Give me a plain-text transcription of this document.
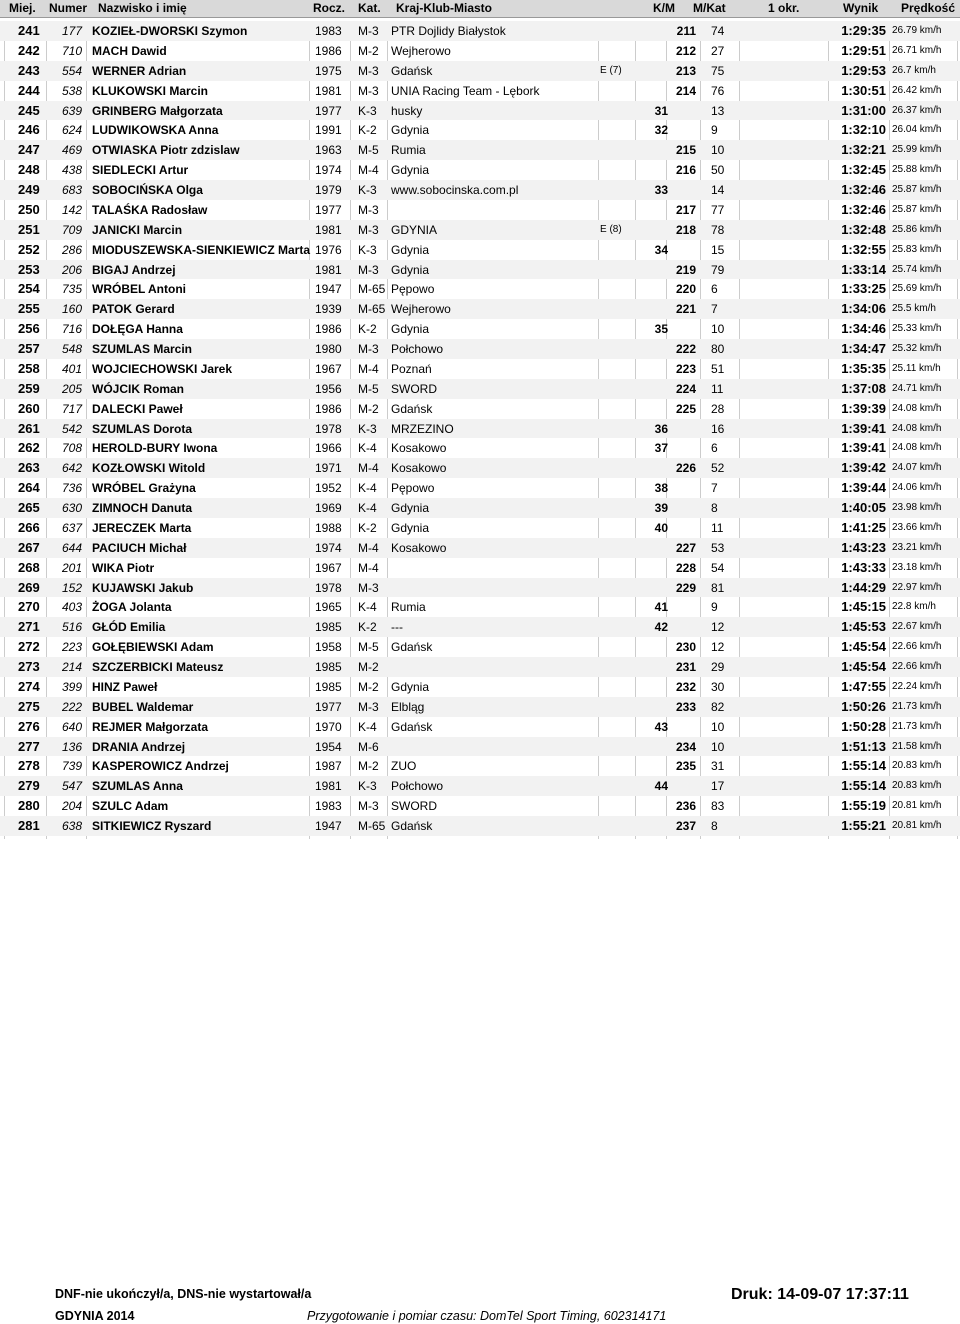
Miej. Numer Nazwisko i imię	Rocz. Kat. Kraj-Klub-Miasto	K/M M/Kat	1 okr.	Wynik Prędkość
241 177 KOZIEŁ-DWORSKI Szymon	1983 M-3 PTR Dojlidy Białystok	211 74	1:29:35 26.79 km/h
242 710 MACH Dawid	1986 M-2 Wejherowo	212 27	1:29:51 26.71 km/h
243 554 WERNER Adrian	1975 M-3 Gdańsk	E (7)	213 75	1:29:53 26.7 km/h
244 538 KLUKOWSKI Marcin	1981 M-3 UNIA Racing Team - Lębork	214 76	1:30:51 26.42 km/h
245 639 GRINBERG Małgorzata	1977 K-3 husky	31	13	1:31:00 26.37 km/h
246 624 LUDWIKOWSKA Anna	1991 K-2 Gdynia	32	9	1:32:10 26.04 km/h
247 469 OTWIASKA Piotr zdzislaw	1963 M-5 Rumia	215 10	1:32:21 25.99 km/h
248 438 SIEDLECKI Artur	1974 M-4 Gdynia	216 50	1:32:45 25.88 km/h
249 683 SOBOCIŃSKA Olga	1979 K-3 www.sobocinska.com.pl	33	14	1:32:46 25.87 km/h
250 142 TALAŚKA Radosław	1977 M-3	217 77	1:32:46 25.87 km/h
251 709 JANICKI Marcin	1981 M-3 GDYNIA	E (8)	218 78	1:32:48 25.86 km/h
252 286 MIODUSZEWSKA-SIENKIEWICZ Marta 1976 K-3 Gdynia	34	15	1:32:55 25.83 km/h
253 206 BIGAJ Andrzej	1981 M-3 Gdynia	219 79	1:33:14 25.74 km/h
254 735 WRÓBEL Antoni	1947 M-65 Pępowo	220 6	1:33:25 25.69 km/h
255 160 PATOK Gerard	1939 M-65 Wejherowo	221 7	1:34:06 25.5 km/h
256 716 DOŁĘGA Hanna	1986 K-2 Gdynia	35	10	1:34:46 25.33 km/h
257 548 SZUMLAS Marcin	1980 M-3 Połchowo	222 80	1:34:47 25.32 km/h
258 401 WOJCIECHOWSKI Jarek	1967 M-4 Poznań	223 51	1:35:35 25.11 km/h
259 205 WÓJCIK Roman	1956 M-5 SWORD	224 11	1:37:08 24.71 km/h
260 717 DALECKI Paweł	1986 M-2 Gdańsk	225 28	1:39:39 24.08 km/h
261 542 SZUMLAS Dorota	1978 K-3 MRZEZINO	36	16	1:39:41 24.08 km/h
262 708 HEROLD-BURY Iwona	1966 K-4 Kosakowo	37	6	1:39:41 24.08 km/h
263 642 KOZŁOWSKI Witold	1971 M-4 Kosakowo	226 52	1:39:42 24.07 km/h
264 736 WRÓBEL Grażyna	1952 K-4 Pępowo	38	7	1:39:44 24.06 km/h
265 630 ZIMNOCH Danuta	1969 K-4 Gdynia	39	8	1:40:05 23.98 km/h
266 637 JERECZEK Marta	1988 K-2 Gdynia	40	11	1:41:25 23.66 km/h
267 644 PACIUCH Michał	1974 M-4 Kosakowo	227 53	1:43:23 23.21 km/h
268 201 WIKA Piotr	1967 M-4	228 54	1:43:33 23.18 km/h
269 152 KUJAWSKI Jakub	1978 M-3	229 81	1:44:29 22.97 km/h
270 403 ŻOGA Jolanta	1965 K-4 Rumia	41	9	1:45:15 22.8 km/h
271 516 GŁÓD Emilia	1985 K-2 ---	42	12	1:45:53 22.67 km/h
272 223 GOŁĘBIEWSKI Adam	1958 M-5 Gdańsk	230 12	1:45:54 22.66 km/h
273 214 SZCZERBICKI Mateusz	1985 M-2	231 29	1:45:54 22.66 km/h
274 399 HINZ Paweł	1985 M-2 Gdynia	232 30	1:47:55 22.24 km/h
275 222 BUBEL Waldemar	1977 M-3 Elbląg	233 82	1:50:26 21.73 km/h
276 640 REJMER Małgorzata	1970 K-4 Gdańsk	43	10	1:50:28 21.73 km/h
277 136 DRANIA Andrzej	1954 M-6	234 10	1:51:13 21.58 km/h
278 739 KASPEROWICZ Andrzej	1987 M-2 ZUO	235 31	1:55:14 20.83 km/h
279 547 SZUMLAS Anna	1981 K-3 Połchowo	44	17	1:55:14 20.83 km/h
280 204 SZULC Adam	1983 M-3 SWORD	236 83	1:55:19 20.81 km/h
281 638 SITKIEWICZ Ryszard	1947 M-65 Gdańsk	237 8	1:55:21 20.81 km/h
DNF-nie ukończył/a, DNS-nie wystartował/a
GDYNIA 2014	Przygotowanie i pomiar czasu: DomTel Sport Timing, 602314171
Druk: 14-09-07 17:37:11
